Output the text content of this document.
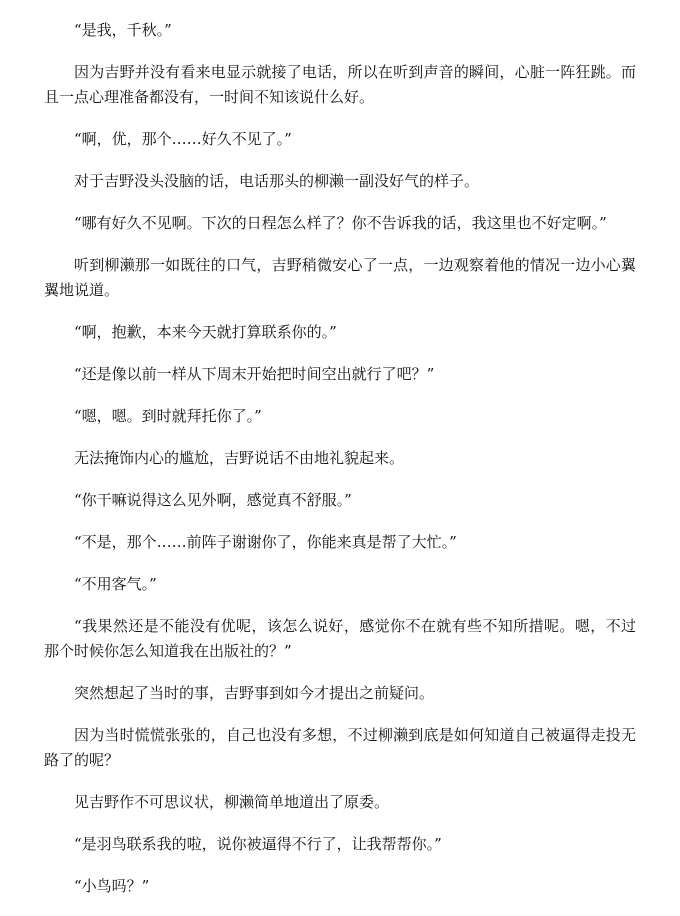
“是我，千秋。”

因为吉野并没有看来电显示就接了电话，所以在听到声音的瞬间，心脏一阵狂跳。而且一点心理准备都没有，一时间不知该说什么好。

“啊，优，那个……好久不见了。”

对于吉野没头没脑的话，电话那头的柳濑一副没好气的样子。

“哪有好久不见啊。下次的日程怎么样了？你不告诉我的话，我这里也不好定啊。”

听到柳濑那一如既往的口气，吉野稍微安心了一点，一边观察着他的情况一边小心翼翼地说道。

“啊，抱歉，本来今天就打算联系你的。”

“还是像以前一样从下周末开始把时间空出就行了吧？”

“嗯，嗯。到时就拜托你了。”

无法掩饰内心的尴尬，吉野说话不由地礼貌起来。

“你干嘛说得这么见外啊，感觉真不舒服。”

“不是，那个……前阵子谢谢你了，你能来真是帮了大忙。”

“不用客气。”

“我果然还是不能没有优呢，该怎么说好，感觉你不在就有些不知所措呢。嗯，不过那个时候你怎么知道我在出版社的？”

突然想起了当时的事，吉野事到如今才提出之前疑问。

因为当时慌慌张张的，自己也没有多想，不过柳濑到底是如何知道自己被逼得走投无路了的呢？

见吉野作不可思议状，柳濑简单地道出了原委。

“是羽鸟联系我的啦，说你被逼得不行了，让我帮帮你。”

“小鸟吗？”
